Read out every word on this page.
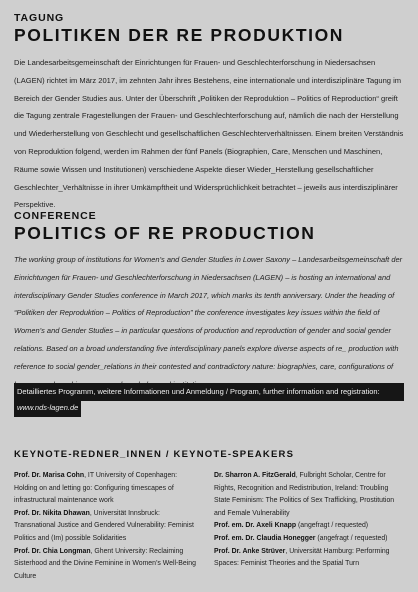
TAGUNG
POLITIKEN DER RE PRODUKTION
Die Landesarbeitsgemeinschaft der Einrichtungen für Frauen- und Geschlechterforschung in Niedersachsen (LAGEN) richtet im März 2017, im zehnten Jahr ihres Bestehens, eine internationale und interdisziplinäre Tagung im Bereich der Gender Studies aus. Unter der Überschrift „Politiken der Reproduktion – Politics of Reproduction“ greift die Tagung zentrale Fragestellungen der Frauen- und Geschlechterforschung auf, nämlich die nach der Herstellung und Wiederherstellung von Geschlecht und gesellschaftlichen Geschlechterverhältnissen. Einem breiten Verständnis von Reproduktion folgend, werden im Rahmen der fünf Panels (Biographien, Care, Menschen und Maschinen, Räume sowie Wissen und Institutionen) verschiedene Aspekte dieser Wieder_Herstellung gesellschaftlicher Geschlechter_Verhältnisse in ihrer Umkämpftheit und Widersprüchlichkeit betrachtet – jeweils aus interdisziplinärer Perspektive.
CONFERENCE
POLITICS OF RE PRODUCTION
The working group of institutions for Women’s and Gender Studies in Lower Saxony – Landesarbeitsgemeinschaft der Einrichtungen für Frauen- und Geschlechterforschung in Niedersachsen (LAGEN) – is hosting an international and interdisciplinary Gender Studies conference in March 2017, which marks its tenth anniversary. Under the heading of “Politiken der Reproduktion – Politics of Reproduction” the conference investigates key issues within the field of Women’s and Gender Studies – in particular questions of production and reproduction of gender and social gender relations. Based on a broad understanding five interdisciplinary panels explore diverse aspects of re_ production with reference to social gender_relations in their contested and contradictory nature: biographies, care, configurations of
Detailliertes Programm, weitere Informationen und Anmeldung / Program, further information and registration:
www.nds-lagen.de
KEYNOTE-REDNER_INNEN / KEYNOTE-SPEAKERS
Prof. Dr. Marisa Cohn, IT University of Copenhagen: Holding on and letting go: Configuring timescapes of infrastructural maintenance work
Prof. Dr. Nikita Dhawan, Universität Innsbruck: Transnational Justice and Gendered Vulnerability: Feminist Politics and (Im) possible Solidarities
Prof. Dr. Chia Longman, Ghent University: Reclaiming Sisterhood and the Divine Feminine in Women’s Well-Being Culture
Dr. Sharron A. FitzGerald, Fulbright Scholar, Centre for Rights, Recognition and Redistribution, Ireland: Troubling State Feminism: The Politics of Sex Trafficking, Prostitution and Female Vulnerability
Prof. em. Dr. Axeli Knapp (angefragt / requested)
Prof. em. Dr. Claudia Honegger (angefragt / requested)
Prof. Dr. Anke Strüver, Universität Hamburg: Performing Spaces: Feminist Theories and the Spatial Turn
